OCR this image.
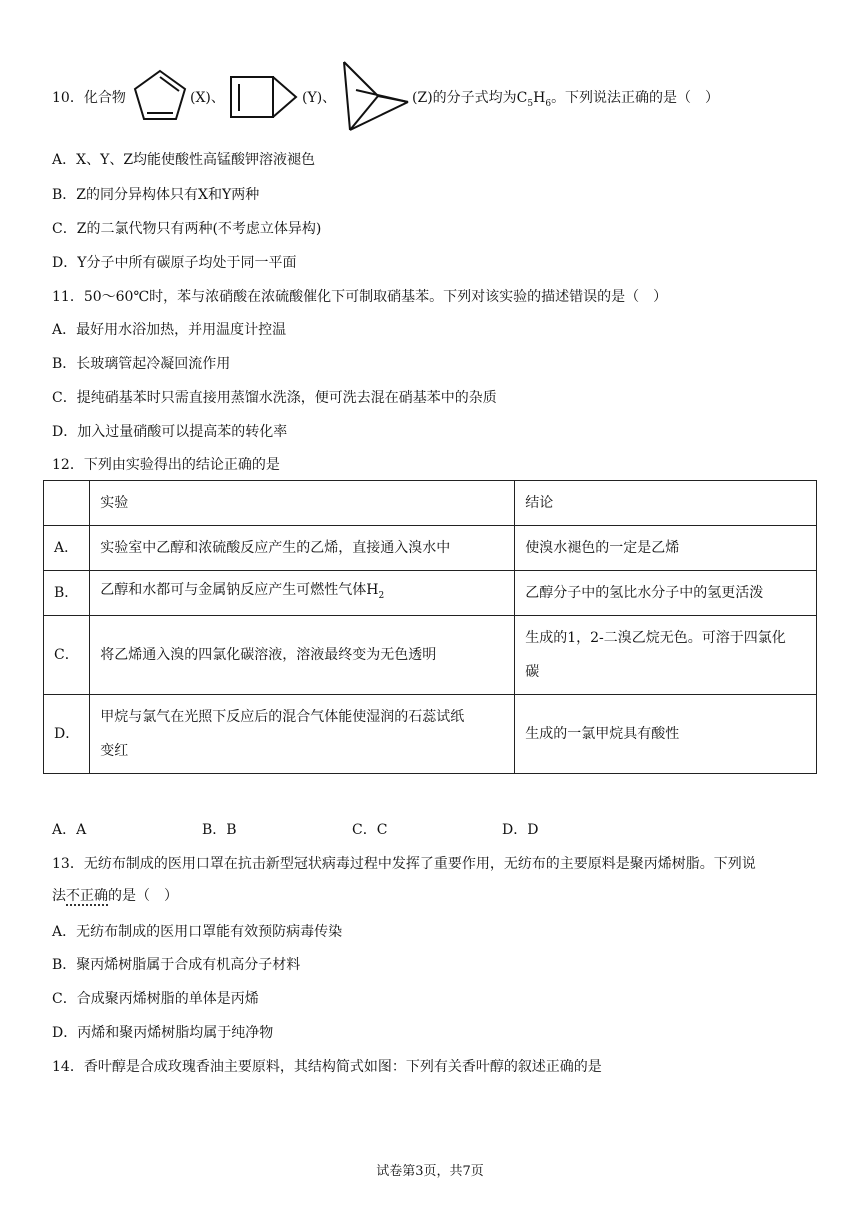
10．化合物	(X)、	(Y)、	(Z)的分子式均为$C_5H_6$。下列说法正确的是（　）
A．X、Y、Z均能使酸性高锰酸钾溶液褪色
B．Z的同分异构体只有X和Y两种
C．Z的二氯代物只有两种(不考虑立体异构)
D．Y分子中所有碳原子均处于同一平面
11．50～60℃时，苯与浓硝酸在浓硫酸催化下可制取硝基苯。下列对该实验的描述错误的是（　）
A．最好用水浴加热，并用温度计控温
B．长玻璃管起冷凝回流作用
C．提纯硝基苯时只需直接用蒸馏水洗涤，便可洗去混在硝基苯中的杂质
D．加入过量硝酸可以提高苯的转化率
12．下列由实验得出的结论正确的是
	实验	结论
A．	实验室中乙醇和浓硫酸反应产生的乙烯，直接通入溴水中	使溴水褪色的一定是乙烯
B．	乙醇和水都可与金属钠反应产生可燃性气体$H_2$	乙醇分子中的氢比水分子中的氢更活泼
C．	将乙烯通入溴的四氯化碳溶液，溶液最终变为无色透明	生成的1，2-二溴乙烷无色。可溶于四氯化
碳

D．	甲烷与氯气在光照下反应后的混合气体能使湿润的石蕊试纸
变红	生成的一氯甲烷具有酸性
A．A	B．B	C．C	D．D
13．无纺布制成的医用口罩在抗击新型冠状病毒过程中发挥了重要作用，无纺布的主要原料是聚丙烯树脂。下列说
法不正确的是（　）
A．无纺布制成的医用口罩能有效预防病毒传染
B．聚丙烯树脂属于合成有机高分子材料
C．合成聚丙烯树脂的单体是丙烯
D．丙烯和聚丙烯树脂均属于纯净物
14．香叶醇是合成玫瑰香油主要原料，其结构简式如图：下列有关香叶醇的叙述正确的是
试卷第3页，共7页
